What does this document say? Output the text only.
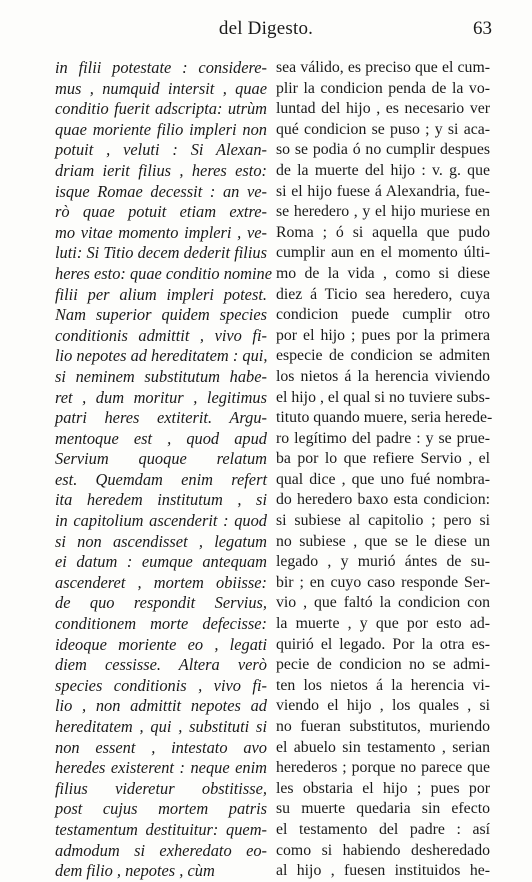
del Digesto.	63
in filii potestate : considere-
mus , numquid intersit , quae
conditio fuerit adscripta: utrùm
quae moriente filio impleri non
potuit , veluti : Si Alexan-
driam ierit filius , heres esto:
isque Romae decessit : an ve-
rò quae potuit etiam extre-
mo vitae momento impleri , ve-
luti: Si Titio decem dederit filius
heres esto: quae conditio nomine
filii per alium impleri potest.
Nam superior quidem species
conditionis admittit , vivo fi-
lio nepotes ad hereditatem : qui,
si neminem substitutum habe-
ret , dum moritur , legitimus
patri heres extiterit. Argu-
mentoque est , quod apud
Servium quoque relatum
est. Quemdam enim refert
ita heredem institutum , si
in capitolium ascenderit : quod
si non ascendisset , legatum
ei datum : eumque antequam
ascenderet , mortem obiisse:
de quo respondit Servius,
conditionem morte defecisse:
ideoque moriente eo , legati
diem cessisse. Altera verò
species conditionis , vivo fi-
lio , non admittit nepotes ad
hereditatem , qui , substituti si
non essent , intestato avo
heredes existerent : neque enim
filius videretur obstitisse,
post cujus mortem patris
testamentum destituitur: quem-
admodum si exheredato eo-
dem filio , nepotes , cùm
sea válido, es preciso que el cum-
plir la condicion penda de la vo-
luntad del hijo , es necesario ver
qué condicion se puso ; y si aca-
so se podia ó no cumplir despues
de la muerte del hijo : v. g. que
si el hijo fuese á Alexandria, fue-
se heredero , y el hijo muriese en
Roma ; ó si aquella que pudo
cumplir aun en el momento últi-
mo de la vida , como si diese
diez á Ticio sea heredero, cuya
condicion puede cumplir otro
por el hijo ; pues por la primera
especie de condicion se admiten
los nietos á la herencia viviendo
el hijo , el qual si no tuviere subs-
tituto quando muere, seria herede-
ro legítimo del padre : y se prue-
ba por lo que refiere Servio , el
qual dice , que uno fué nombra-
do heredero baxo esta condicion:
si subiese al capitolio ; pero si
no subiese , que se le diese un
legado , y murió ántes de su-
bir ; en cuyo caso responde Ser-
vio , que faltó la condicion con
la muerte , y que por esto ad-
quirió el legado. Por la otra es-
pecie de condicion no se admi-
ten los nietos á la herencia vi-
viendo el hijo , los quales , si
no fueran substitutos, muriendo
el abuelo sin testamento , serian
herederos ; porque no parece que
les obstaria el hijo ; pues por
su muerte quedaria sin efecto
el testamento del padre : así
como si habiendo desheredado
al hijo , fuesen instituidos he-
